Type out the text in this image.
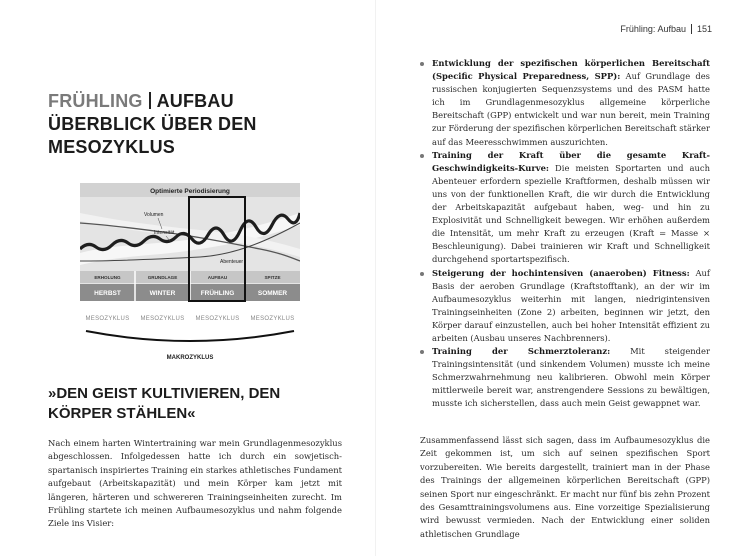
Frühling: Aufbau 151
FRÜHLING AUFBAU
ÜBERBLICK ÜBER DEN
MESOZYKLUS
Optimierte Periodisierung
Volumen
Intensität
Abenteuer
ERHOLUNG	GRUNDLAGE	AUFBAU	SPITZE
HERBST	WINTER	FRÜHLING	SOMMER
MESOZYKLUS MESOZYKLUS MESOZYKLUS MESOZYKLUS
MAKROZYKLUS
»DEN GEIST KULTIVIEREN, DEN
KÖRPER STÄHLEN«

Nach einem harten Wintertraining war mein Grundlagenmesozyklus abgeschlossen. Infolgedessen hatte ich durch ein sowjetisch-spartanisch inspiriertes Training ein starkes athletisches Fundament aufgebaut (Arbeitskapazität) und mein Körper kam jetzt mit längeren, härteren und schwereren Trainingseinheiten zurecht. Im Frühling startete ich meinen Aufbaumesozyklus und nahm folgende Ziele ins Visier:

Entwicklung der spezifischen körperlichen Bereitschaft (Specific Physical Preparedness, SPP): Auf Grundlage des russischen konjugierten Sequenzsystems und des PASM hatte ich im Grundlagenmesozyklus allgemeine körperliche Bereitschaft (GPP) entwickelt und war nun bereit, mein Training zur Förderung der spezifischen körperlichen Bereitschaft stärker auf das Meeresschwimmen auszurichten.
Training der Kraft über die gesamte Kraft-Geschwindigkeits-Kurve: Die meisten Sportarten und auch Abenteuer erfordern spezielle Kraftformen, deshalb müssen wir uns von der funktionellen Kraft, die wir durch die Entwicklung der Arbeitskapazität aufgebaut haben, weg- und hin zu Explosivität und Schnelligkeit bewegen. Wir erhöhen außerdem die Intensität, um mehr Kraft zu erzeugen (Kraft = Masse × Beschleunigung). Dabei trainieren wir Kraft und Schnelligkeit durchgehend sportartspezifisch.
Steigerung der hochintensiven (anaeroben) Fitness: Auf Basis der aeroben Grundlage (Kraftstofftank), an der wir im Aufbaumesozyklus weiterhin mit langen, niedrigintensiven Trainingseinheiten (Zone 2) arbeiten, beginnen wir jetzt, den Körper darauf einzustellen, auch bei hoher Intensität effizient zu arbeiten (Ausbau unseres Nachbrenners).
Training der Schmerztoleranz: Mit steigender Trainingsintensität (und sinkendem Volumen) musste ich meine Schmerzwahrnehmung neu kalibrieren. Obwohl mein Körper mittlerweile bereit war, anstrengendere Sessions zu bewältigen, musste ich sicherstellen, dass auch mein Geist gewappnet war.

Zusammenfassend lässt sich sagen, dass im Aufbaumesozyklus die Zeit gekommen ist, um sich auf seinen spezifischen Sport vorzubereiten. Wie bereits dargestellt, trainiert man in der Phase des Trainings der allgemeinen körperlichen Bereitschaft (GPP) seinen Sport nur eingeschränkt. Er macht nur fünf bis zehn Prozent des Gesamttrainingsvolumens aus. Eine vorzeitige Spezialisierung wird bewusst vermieden. Nach der Entwicklung einer soliden athletischen Grundlage
